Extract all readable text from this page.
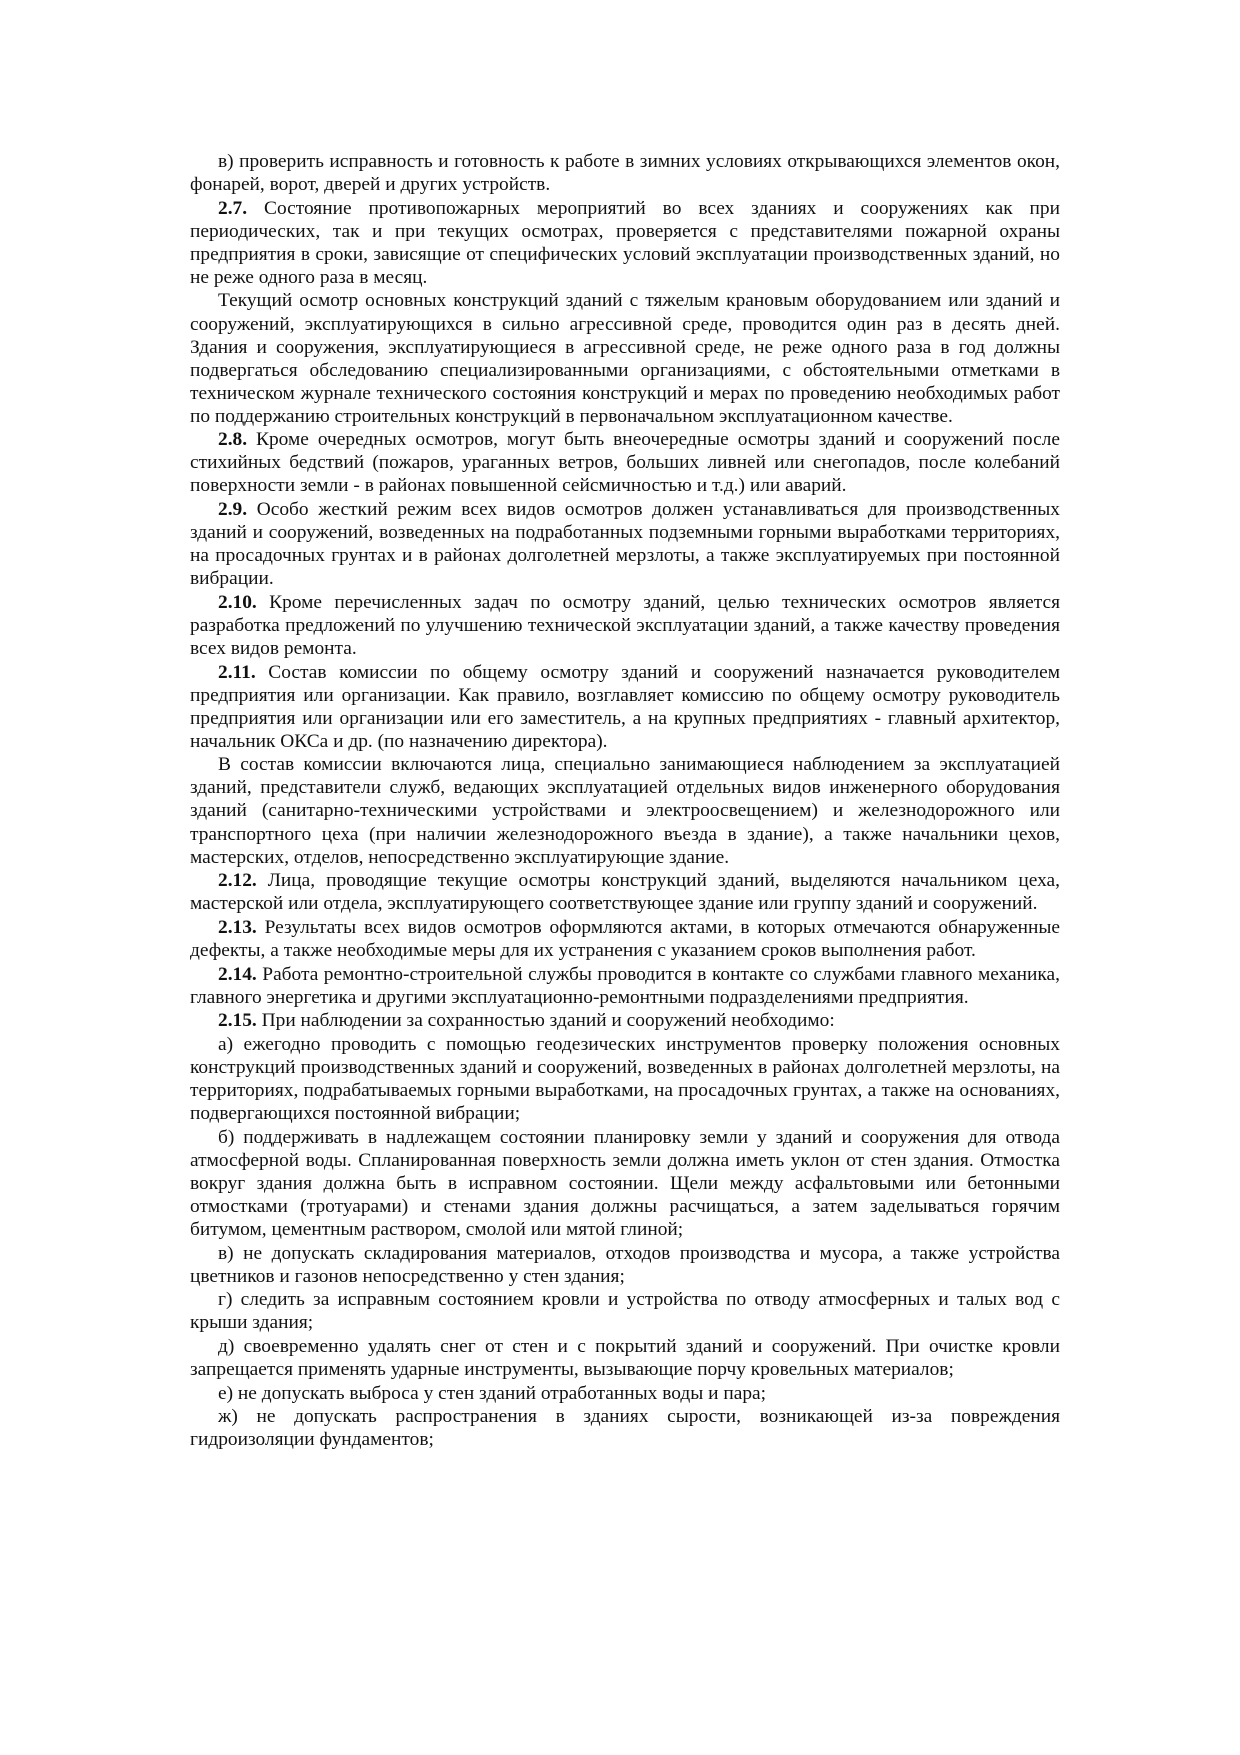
в) проверить исправность и готовность к работе в зимних условиях открывающихся элементов окон, фонарей, ворот, дверей и других устройств.

2.7. Состояние противопожарных мероприятий во всех зданиях и сооружениях как при периодических, так и при текущих осмотрах, проверяется с представителями пожарной охраны предприятия в сроки, зависящие от специфических условий эксплуатации производственных зданий, но не реже одного раза в месяц.

Текущий осмотр основных конструкций зданий с тяжелым крановым оборудованием или зданий и сооружений, эксплуатирующихся в сильно агрессивной среде, проводится один раз в десять дней. Здания и сооружения, эксплуатирующиеся в агрессивной среде, не реже одного раза в год должны подвергаться обследованию специализированными организациями, с обстоятельными отметками в техническом журнале технического состояния конструкций и мерах по проведению необходимых работ по поддержанию строительных конструкций в первоначальном эксплуатационном качестве.

2.8. Кроме очередных осмотров, могут быть внеочередные осмотры зданий и сооружений после стихийных бедствий (пожаров, ураганных ветров, больших ливней или снегопадов, после колебаний поверхности земли - в районах повышенной сейсмичностью и т.д.) или аварий.

2.9. Особо жесткий режим всех видов осмотров должен устанавливаться для производственных зданий и сооружений, возведенных на подработанных подземными горными выработками территориях, на просадочных грунтах и в районах долголетней мерзлоты, а также эксплуатируемых при постоянной вибрации.

2.10. Кроме перечисленных задач по осмотру зданий, целью технических осмотров является разработка предложений по улучшению технической эксплуатации зданий, а также качеству проведения всех видов ремонта.

2.11. Состав комиссии по общему осмотру зданий и сооружений назначается руководителем предприятия или организации. Как правило, возглавляет комиссию по общему осмотру руководитель предприятия или организации или его заместитель, а на крупных предприятиях - главный архитектор, начальник ОКСа и др. (по назначению директора).

В состав комиссии включаются лица, специально занимающиеся наблюдением за эксплуатацией зданий, представители служб, ведающих эксплуатацией отдельных видов инженерного оборудования зданий (санитарно-техническими устройствами и электроосвещением) и железнодорожного или транспортного цеха (при наличии железнодорожного въезда в здание), а также начальники цехов, мастерских, отделов, непосредственно эксплуатирующие здание.

2.12. Лица, проводящие текущие осмотры конструкций зданий, выделяются начальником цеха, мастерской или отдела, эксплуатирующего соответствующее здание или группу зданий и сооружений.

2.13. Результаты всех видов осмотров оформляются актами, в которых отмечаются обнаруженные дефекты, а также необходимые меры для их устранения с указанием сроков выполнения работ.

2.14. Работа ремонтно-строительной службы проводится в контакте со службами главного механика, главного энергетика и другими эксплуатационно-ремонтными подразделениями предприятия.

2.15. При наблюдении за сохранностью зданий и сооружений необходимо:

а) ежегодно проводить с помощью геодезических инструментов проверку положения основных конструкций производственных зданий и сооружений, возведенных в районах долголетней мерзлоты, на территориях, подрабатываемых горными выработками, на просадочных грунтах, а также на основаниях, подвергающихся постоянной вибрации;

б) поддерживать в надлежащем состоянии планировку земли у зданий и сооружения для отвода атмосферной воды. Спланированная поверхность земли должна иметь уклон от стен здания. Отмостка вокруг здания должна быть в исправном состоянии. Щели между асфальтовыми или бетонными отмостками (тротуарами) и стенами здания должны расчищаться, а затем заделываться горячим битумом, цементным раствором, смолой или мятой глиной;

в) не допускать складирования материалов, отходов производства и мусора, а также устройства цветников и газонов непосредственно у стен здания;

г) следить за исправным состоянием кровли и устройства по отводу атмосферных и талых вод с крыши здания;

д) своевременно удалять снег от стен и с покрытий зданий и сооружений. При очистке кровли запрещается применять ударные инструменты, вызывающие порчу кровельных материалов;

е) не допускать выброса у стен зданий отработанных воды и пара;

ж) не допускать распространения в зданиях сырости, возникающей из-за повреждения гидроизоляции фундаментов;
